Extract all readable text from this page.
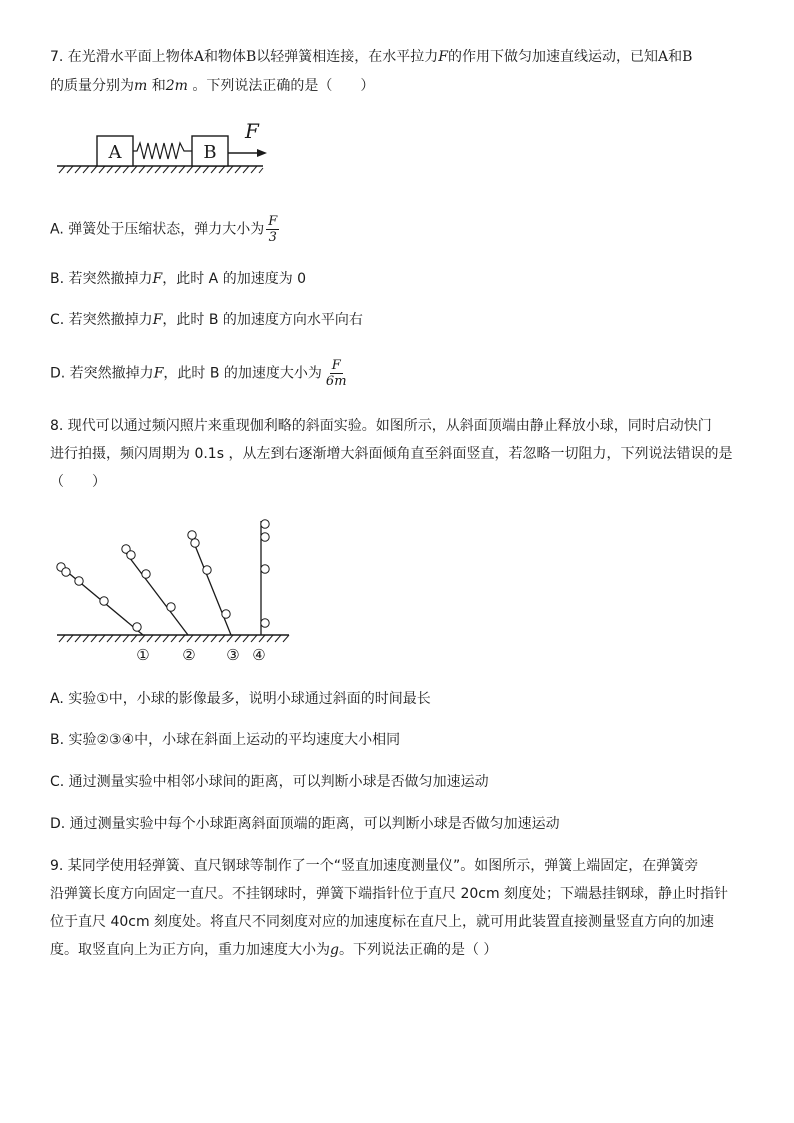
7. 在光滑水平面上物体A和物体B以轻弹簧相连接，在水平拉力F的作用下做匀加速直线运动，已知A和B
的质量分别为m 和2m 。下列说法正确的是（　　）
A	B
F
A. 弹簧处于压缩状态，弹力大小为 $\frac{F}{3}$
B. 若突然撤掉力F，此时 A 的加速度为 0
C. 若突然撤掉力F，此时 B 的加速度方向水平向右
D. 若突然撤掉力F，此时 B 的加速度大小为 $\frac{F}{6m}$
8. 现代可以通过频闪照片来重现伽利略的斜面实验。如图所示，从斜面顶端由静止释放小球，同时启动快门
进行拍摄，频闪周期为 0.1s ，从左到右逐渐增大斜面倾角直至斜面竖直，若忽略一切阻力，下列说法错误的是
（　　）
① ② ③ ④
A. 实验①中，小球的影像最多，说明小球通过斜面的时间最长
B. 实验②③④中，小球在斜面上运动的平均速度大小相同
C. 通过测量实验中相邻小球间的距离，可以判断小球是否做匀加速运动
D. 通过测量实验中每个小球距离斜面顶端的距离，可以判断小球是否做匀加速运动
9. 某同学使用轻弹簧、直尺钢球等制作了一个“竖直加速度测量仪”。如图所示，弹簧上端固定，在弹簧旁
沿弹簧长度方向固定一直尺。不挂钢球时，弹簧下端指针位于直尺 20cm 刻度处；下端悬挂钢球，静止时指针
位于直尺 40cm 刻度处。将直尺不同刻度对应的加速度标在直尺上，就可用此装置直接测量竖直方向的加速
度。取竖直向上为正方向，重力加速度大小为g。下列说法正确的是（ ）
